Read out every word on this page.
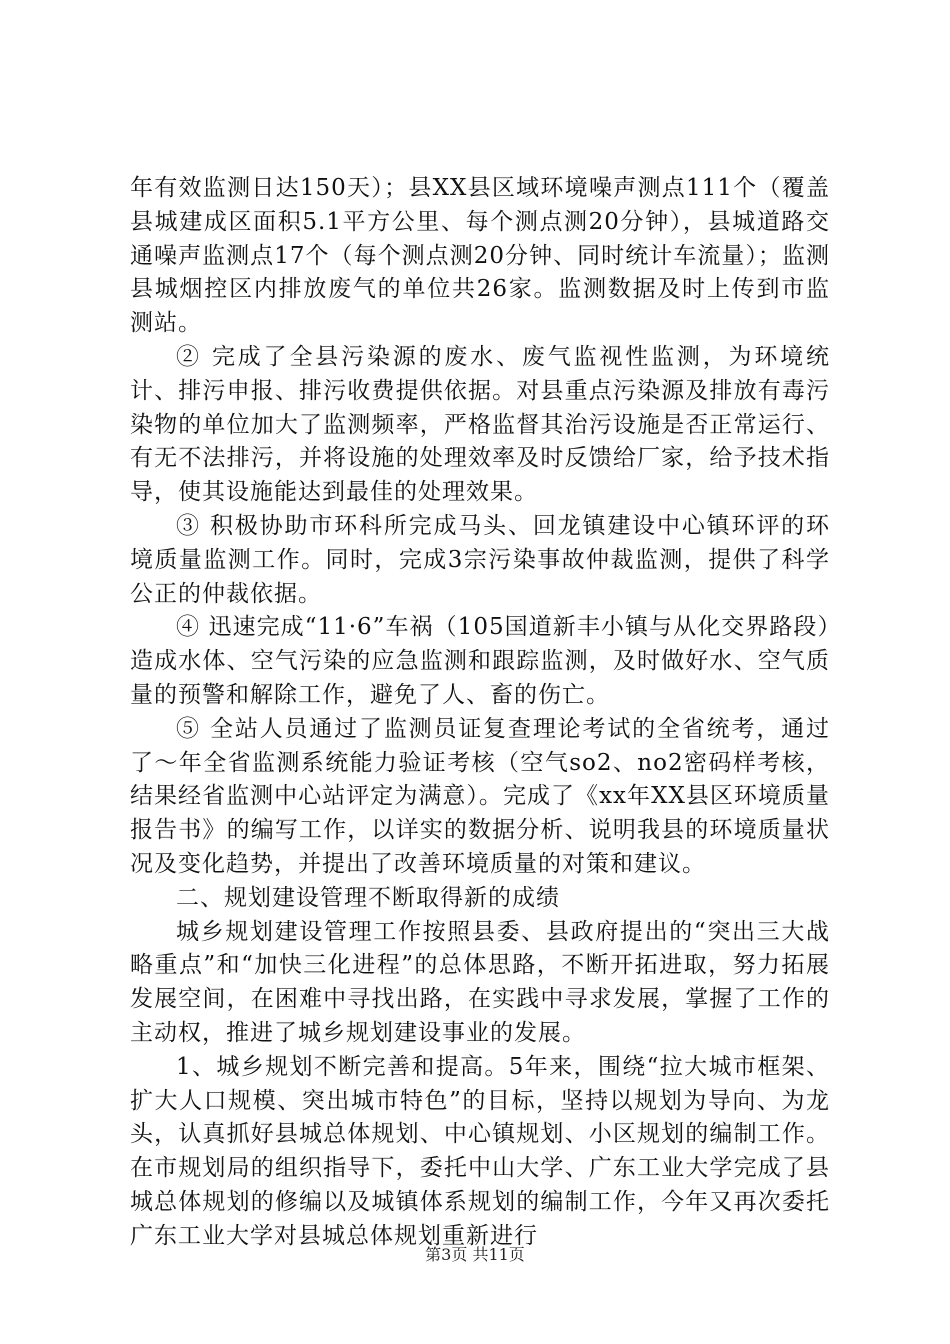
年有效监测日达150天）；县XX县区域环境噪声测点111个（覆盖县城建成区面积5.1平方公里、每个测点测20分钟），县城道路交通噪声监测点17个（每个测点测20分钟、同时统计车流量）；监测县城烟控区内排放废气的单位共26家。监测数据及时上传到市监测站。

② 完成了全县污染源的废水、废气监视性监测，为环境统计、排污申报、排污收费提供依据。对县重点污染源及排放有毒污染物的单位加大了监测频率，严格监督其治污设施是否正常运行、有无不法排污，并将设施的处理效率及时反馈给厂家，给予技术指导，使其设施能达到最佳的处理效果。

③ 积极协助市环科所完成马头、回龙镇建设中心镇环评的环境质量监测工作。同时，完成3宗污染事故仲裁监测，提供了科学公正的仲裁依据。

④ 迅速完成“11·6”车祸（105国道新丰小镇与从化交界路段）造成水体、空气污染的应急监测和跟踪监测，及时做好水、空气质量的预警和解除工作，避免了人、畜的伤亡。

⑤ 全站人员通过了监测员证复查理论考试的全省统考，通过了～年全省监测系统能力验证考核（空气so2、no2密码样考核，结果经省监测中心站评定为满意）。完成了《xx年XX县区环境质量报告书》的编写工作，以详实的数据分析、说明我县的环境质量状况及变化趋势，并提出了改善环境质量的对策和建议。

二、规划建设管理不断取得新的成绩

城乡规划建设管理工作按照县委、县政府提出的“突出三大战略重点”和“加快三化进程”的总体思路，不断开拓进取，努力拓展发展空间，在困难中寻找出路，在实践中寻求发展，掌握了工作的主动权，推进了城乡规划建设事业的发展。

1、城乡规划不断完善和提高。5年来，围绕“拉大城市框架、扩大人口规模、突出城市特色”的目标，坚持以规划为导向、为龙头，认真抓好县城总体规划、中心镇规划、小区规划的编制工作。在市规划局的组织指导下，委托中山大学、广东工业大学完成了县城总体规划的修编以及城镇体系规划的编制工作，今年又再次委托广东工业大学对县城总体规划重新进行

第3页 共11页
